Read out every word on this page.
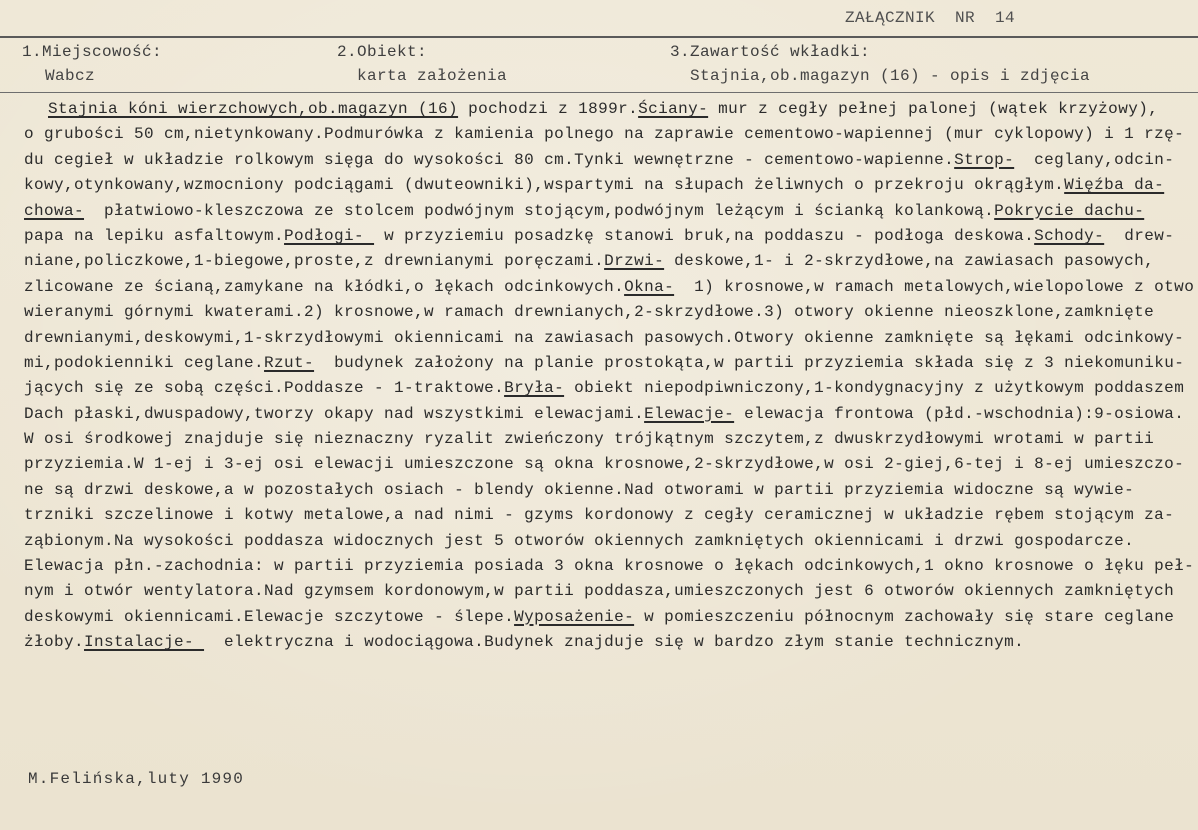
ZAŁĄCZNIK NR 14
1.Miejscowość:	2.Obiekt:	3.Zawartość wkładki:
Wabcz	karta założenia	Stajnia,ob.magazyn (16) - opis i zdjęcia
Stajnia kóni wierzchowych,ob.magazyn (16) pochodzi z 1899r.Ściany- mur z cegły pełnej palonej (wątek krzyżowy),
o grubości 50 cm,nietynkowany.Podmurówka z kamienia polnego na zaprawie cementowo-wapiennej (mur cyklopowy) i 1 rzę-
du cegieł w układzie rolkowym sięga do wysokości 80 cm.Tynki wewnętrzne - cementowo-wapienne.Strop-  ceglany,odcin-
kowy,otynkowany,wzmocniony podciągami (dwuteowniki),wspartymi na słupach żeliwnych o przekroju okrągłym.Więźba da-
chowa-  płatwiowo-kleszczowa ze stolcem podwójnym stojącym,podwójnym leżącym i ścianką kolankową.Pokrycie dachu-
papa na lepiku asfaltowym.Podłogi-  w przyziemiu posadzkę stanowi bruk,na poddaszu - podłoga deskowa.Schody-  drew-
niane,policzkowe,1-biegowe,proste,z drewnianymi poręczami.Drzwi- deskowe,1- i 2-skrzydłowe,na zawiasach pasowych,
zlicowane ze ścianą,zamykane na kłódki,o łękach odcinkowych.Okna-  1) krosnowe,w ramach metalowych,wielopolowe z otwo
wieranymi górnymi kwaterami.2) krosnowe,w ramach drewnianych,2-skrzydłowe.3) otwory okienne nieoszklone,zamknięte
drewnianymi,deskowymi,1-skrzydłowymi okiennicami na zawiasach pasowych.Otwory okienne zamknięte są łękami odcinkowy-
mi,podokienniki ceglane.Rzut-  budynek założony na planie prostokąta,w partii przyziemia składa się z 3 niekomuniku-
jących się ze sobą części.Poddasze - 1-traktowe.Bryła- obiekt niepodpiwniczony,1-kondygnacyjny z użytkowym poddaszem
Dach płaski,dwuspadowy,tworzy okapy nad wszystkimi elewacjami.Elewacje- elewacja frontowa (płd.-wschodnia):9-osiowa.
W osi środkowej znajduje się nieznaczny ryzalit zwieńczony trójkątnym szczytem,z dwuskrzydłowymi wrotami w partii
przyziemia.W 1-ej i 3-ej osi elewacji umieszczone są okna krosnowe,2-skrzydłowe,w osi 2-giej,6-tej i 8-ej umieszczo-
ne są drzwi deskowe,a w pozostałych osiach - blendy okienne.Nad otworami w partii przyziemia widoczne są wywie-
trzniki szczelinowe i kotwy metalowe,a nad nimi - gzyms kordonowy z cegły ceramicznej w układzie rębem stojącym za-
ząbionym.Na wysokości poddasza widocznych jest 5 otworów okiennych zamkniętych okiennicami i drzwi gospodarcze.
Elewacja płn.-zachodnia: w partii przyziemia posiada 3 okna krosnowe o łękach odcinkowych,1 okno krosnowe o łęku peł-
nym i otwór wentylatora.Nad gzymsem kordonowym,w partii poddasza,umieszczonych jest 6 otworów okiennych zamkniętych
deskowymi okiennicami.Elewacje szczytowe - ślepe.Wyposażenie- w pomieszczeniu północnym zachowały się stare ceglane
żłoby.Instalacje-   elektryczna i wodociągowa.Budynek znajduje się w bardzo złym stanie technicznym.
M.Felińska,luty 1990
